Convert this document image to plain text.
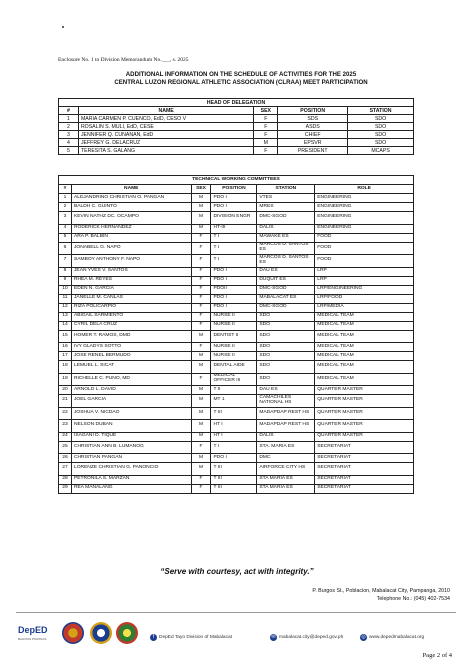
Enclosure No. 1 to Division Memorandum No.___, s. 2025
ADDITIONAL INFORMATION ON THE SCHEDULE OF ACTIVITIES FOR THE 2025
CENTRAL LUZON REGIONAL ATHLETIC ASSOCIATION (CLRAA) MEET PARTICIPATION
HEAD OF DELEGATION				
#	NAME	SEX	POSITION	STATION
1	MARIA CARMEN P. CUENCO, EdD, CESO V	F	SDS	SDO
2	ROSALIN S. MULI, EdD, CESE	F	ASDS	SDO
3	JENNIFER Q. CUNANAN, EdD	F	CHIEF	SDO
4	JEFFREY G. DELACRUZ	M	EPSVR	SDO
5	TERESITA S. GALANG	F	PRESIDENT	MCAPS
TECHNICAL WORKING COMMITTEES					
#	NAME	SEX	POSITION	STATION	ROLE
1	ALEJANDRINO CHRISTIAN O. PANGAN	M	PDO I	VTES	ENGINEERING
2	BALDH C. GUINTO	M	PDO I	MRES	ENGINEERING
3	KEVIN NATHZ DC. OCAMPO	M	DIVISION ENGR	DMC-SGOD	ENGINEERING
4	RODERICK HERNANDEZ	M	HT-III	DALIS	ENGINEERING
5	ARA P. BALBIN	F	T I	MAWAKE ES	FOOD
6	JONABELL G. NAPO	F	T I	MARCOS D. SANTOS ES	FOOD
7	SAMBOY ANTHONY F. NAPO	F	T I	MARCOS D. SANTOS ES	FOOD
8	JEAN YVES V. SANTOS	F	PDO I	DAU ES	LRP
9	RHEA M. REYES	F	PDO I	DUQUIT ES	LRP
10	EDEN N. GARCIA	F	PDOII	DMC-SGOD	LRP/ENGINEERING
11	JANELLE M. CANLAS	F	PDO I	MABALACAT ES	LRP/FOOD
12	RIZA POLICARPIO	F	PDO I	DMC-SGOD	LRP/MEDIA
13	ABIGAIL SARMIENTO	F	NURSE II	SDO	MEDICAL TEAM
14	CYRIL DELA CRUZ	F	NURSE II	SDO	MEDICAL TEAM
15	HOMER T. RAMOS, DMD	M	DENTIST II	SDO	MEDICAL TEAM
16	IVY GLADYS SOTTO	F	NURSE II	SDO	MEDICAL TEAM
17	JOSE RENEL BERMUDO	M	NURSE II	SDO	MEDICAL TEAM
18	LEMUEL L. SICAT	M	DENTAL AIDE	SDO	MEDICAL TEAM
19	RICHELLE C. PUNO, MD	F	MEDICAL OFFICER III	SDO	MEDICAL TEAM
20	ARNOLD L. DAVID	M	T II	DAU ES	QUARTER MASTER
21	JOEL GARCIA	M	MT 1	CAMACHILES NATIONAL HS	QUARTER MASTER
22	JOSHUA V. NICDAO	M	T III	MADAPDAP REST HS	QUARTER MASTER
23	NELSON DUBAN	M	HT I	MADAPDAP REST HS	QUARTER MASTER
24	ISAGANI D. TIQUE	M	HT I	DALIS	QUARTER MASTER
25	CHRISTIAN ANN B. LUMANOG	F	T I	STA. MARIA ES	SECRETARIAT
26	CHRISTIAN PANGAN	M	PDO I	DMC	SECRETARIAT
27	LORENZE CHRISTIAN G. PANONCIO	M	T III	AIRFORCE CITY HS	SECRETARIAT
28	PETRONILA S. MARZAN	F	T III	STA MARIA ES	SECRETARIAT
29	REA MANALANG	F	T III	STA MARIA ES	SECRETARIAT
“Serve with courtesy, act with integrity.”
P. Burgos St., Poblacion, Mabalacat City, Pampanga, 2010
Telephone No.: (045) 402-7534
DepED
BAGONG PILIPINAS	f	DepEd Tayo Division of Mabalacat	✉ mabalacat.city@deped.gov.ph	◎ www.depedmabalacat.org
Page 2 of 4
